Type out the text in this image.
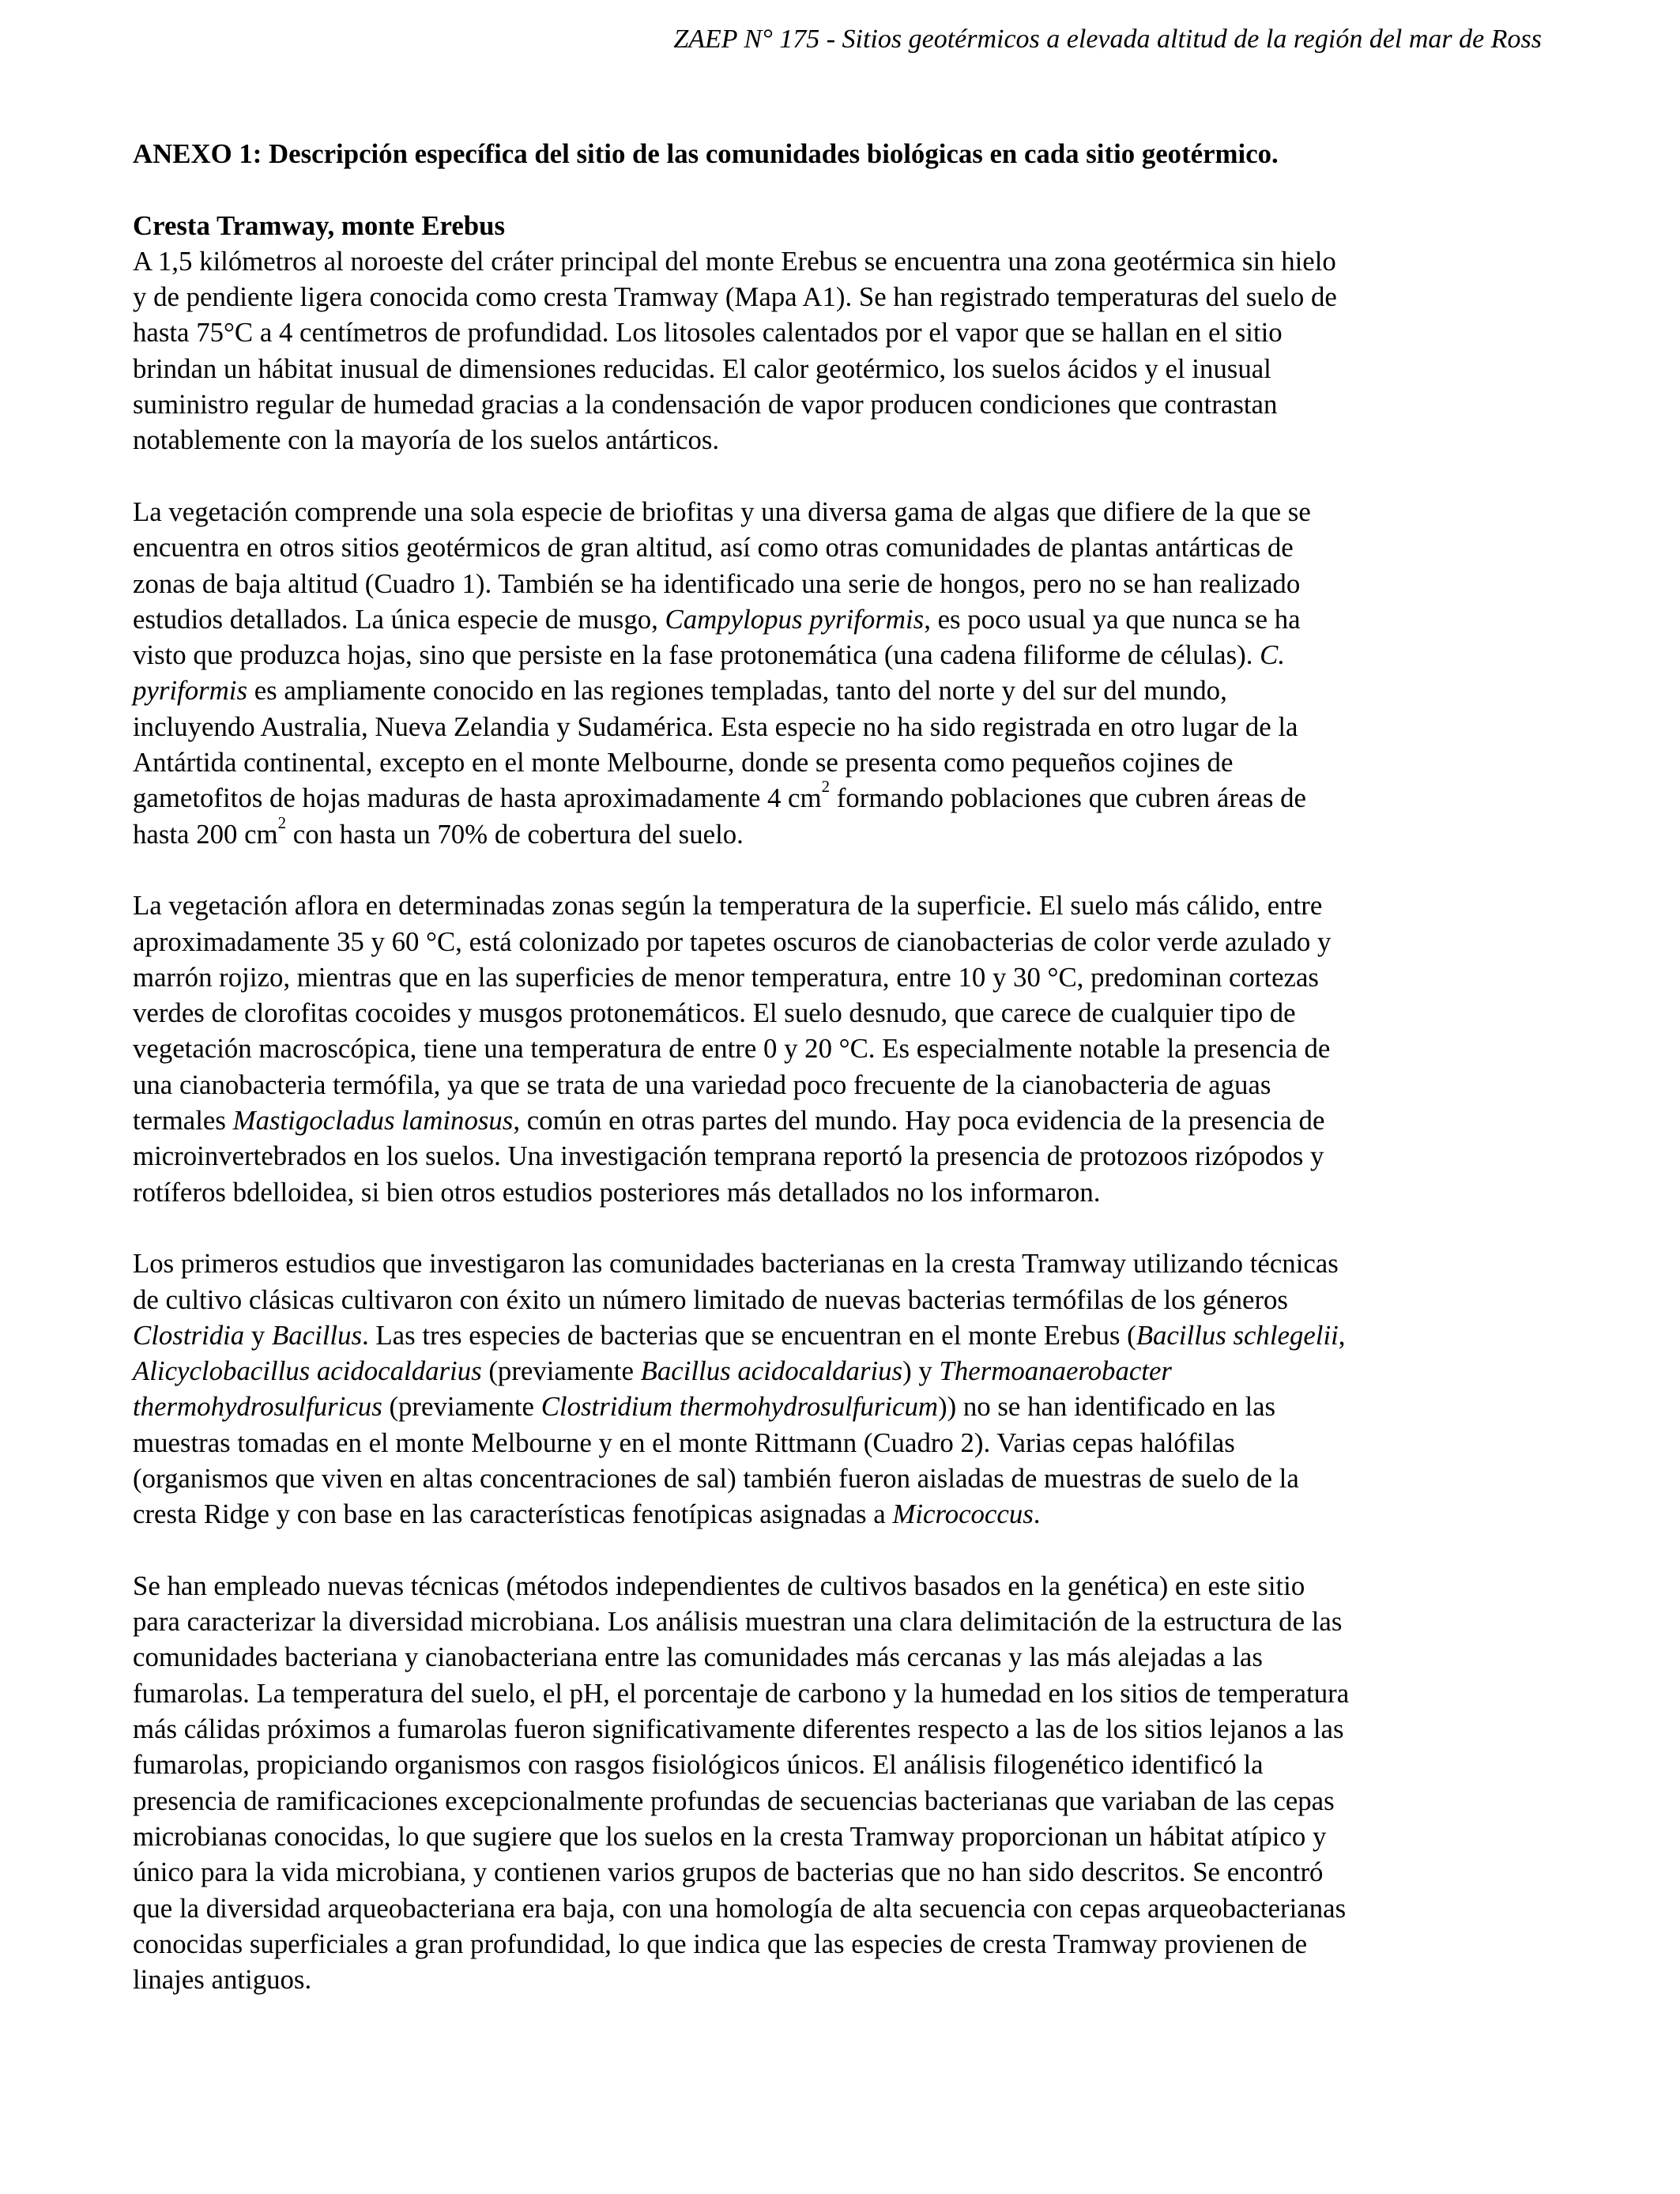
ZAEP N° 175 - Sitios geotérmicos a elevada altitud de la región del mar de Ross
ANEXO 1: Descripción específica del sitio de las comunidades biológicas en cada sitio geotérmico.
Cresta Tramway, monte Erebus
A 1,5 kilómetros al noroeste del cráter principal del monte Erebus se encuentra una zona geotérmica sin hielo
y de pendiente ligera conocida como cresta Tramway (Mapa A1). Se han registrado temperaturas del suelo de
hasta 75°C a 4 centímetros de profundidad. Los litosoles calentados por el vapor que se hallan en el sitio
brindan un hábitat inusual de dimensiones reducidas. El calor geotérmico, los suelos ácidos y el inusual
suministro regular de humedad gracias a la condensación de vapor producen condiciones que contrastan
notablemente con la mayoría de los suelos antárticos.
La vegetación comprende una sola especie de briofitas y una diversa gama de algas que difiere de la que se
encuentra en otros sitios geotérmicos de gran altitud, así como otras comunidades de plantas antárticas de
zonas de baja altitud (Cuadro 1). También se ha identificado una serie de hongos, pero no se han realizado
estudios detallados. La única especie de musgo, Campylopus pyriformis, es poco usual ya que nunca se ha
visto que produzca hojas, sino que persiste en la fase protonemática (una cadena filiforme de células). C.
pyriformis es ampliamente conocido en las regiones templadas, tanto del norte y del sur del mundo,
incluyendo Australia, Nueva Zelandia y Sudamérica. Esta especie no ha sido registrada en otro lugar de la
Antártida continental, excepto en el monte Melbourne, donde se presenta como pequeños cojines de
gametofitos de hojas maduras de hasta aproximadamente 4 $cm^2$ formando poblaciones que cubren áreas de
hasta 200 $cm^2$ con hasta un 70% de cobertura del suelo.
La vegetación aflora en determinadas zonas según la temperatura de la superficie. El suelo más cálido, entre
aproximadamente 35 y 60 °C, está colonizado por tapetes oscuros de cianobacterias de color verde azulado y
marrón rojizo, mientras que en las superficies de menor temperatura, entre 10 y 30 °C, predominan cortezas
verdes de clorofitas cocoides y musgos protonemáticos. El suelo desnudo, que carece de cualquier tipo de
vegetación macroscópica, tiene una temperatura de entre 0 y 20 °C. Es especialmente notable la presencia de
una cianobacteria termófila, ya que se trata de una variedad poco frecuente de la cianobacteria de aguas
termales Mastigocladus laminosus, común en otras partes del mundo. Hay poca evidencia de la presencia de
microinvertebrados en los suelos. Una investigación temprana reportó la presencia de protozoos rizópodos y
rotíferos bdelloidea, si bien otros estudios posteriores más detallados no los informaron.
Los primeros estudios que investigaron las comunidades bacterianas en la cresta Tramway utilizando técnicas
de cultivo clásicas cultivaron con éxito un número limitado de nuevas bacterias termófilas de los géneros
Clostridia y Bacillus. Las tres especies de bacterias que se encuentran en el monte Erebus (Bacillus schlegelii,
Alicyclobacillus acidocaldarius (previamente Bacillus acidocaldarius) y Thermoanaerobacter
thermohydrosulfuricus (previamente Clostridium thermohydrosulfuricum)) no se han identificado en las
muestras tomadas en el monte Melbourne y en el monte Rittmann (Cuadro 2). Varias cepas halófilas
(organismos que viven en altas concentraciones de sal) también fueron aisladas de muestras de suelo de la
cresta Ridge y con base en las características fenotípicas asignadas a Micrococcus.
Se han empleado nuevas técnicas (métodos independientes de cultivos basados en la genética) en este sitio
para caracterizar la diversidad microbiana. Los análisis muestran una clara delimitación de la estructura de las
comunidades bacteriana y cianobacteriana entre las comunidades más cercanas y las más alejadas a las
fumarolas. La temperatura del suelo, el pH, el porcentaje de carbono y la humedad en los sitios de temperatura
más cálidas próximos a fumarolas fueron significativamente diferentes respecto a las de los sitios lejanos a las
fumarolas, propiciando organismos con rasgos fisiológicos únicos. El análisis filogenético identificó la
presencia de ramificaciones excepcionalmente profundas de secuencias bacterianas que variaban de las cepas
microbianas conocidas, lo que sugiere que los suelos en la cresta Tramway proporcionan un hábitat atípico y
único para la vida microbiana, y contienen varios grupos de bacterias que no han sido descritos. Se encontró
que la diversidad arqueobacteriana era baja, con una homología de alta secuencia con cepas arqueobacterianas
conocidas superficiales a gran profundidad, lo que indica que las especies de cresta Tramway provienen de
linajes antiguos.
